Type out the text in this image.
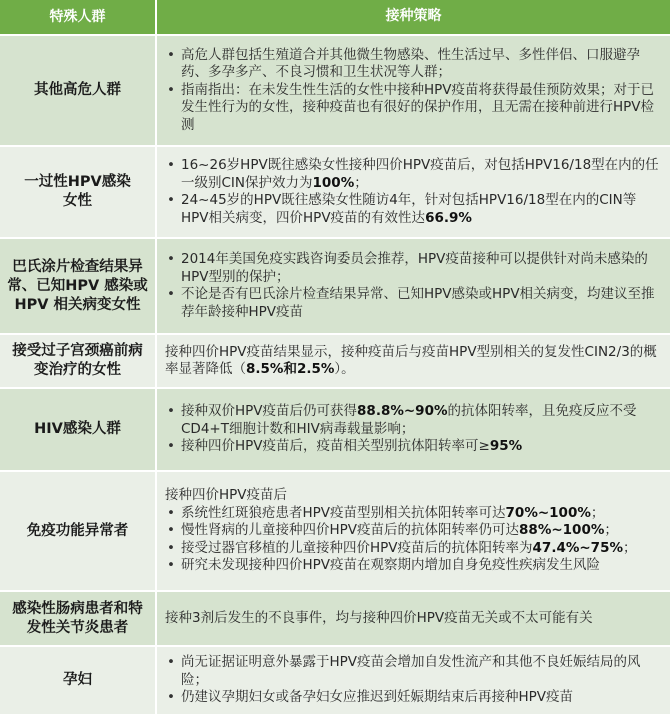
特殊人群	接种策略
其他高危人群
• 高危人群包括生殖道合并其他微生物感染、性生活过早、多性伴侣、口服避孕药、多孕多产、不良习惯和卫生状况等人群；
• 指南指出：在未发生性生活的女性中接种HPV疫苗将获得最佳预防效果；对于已发生性行为的女性，接种疫苗也有很好的保护作用，且无需在接种前进行HPV检测
一过性HPV感染女性
• 16~26岁HPV既往感染女性接种四价HPV疫苗后，对包括HPV16/18型在内的任一级别CIN保护效力为100%；
• 24~45岁的HPV既往感染女性随访4年，针对包括HPV16/18型在内的CIN等HPV相关病变，四价HPV疫苗的有效性达66.9%
巴氏涂片检查结果异常、已知HPV 感染或HPV 相关病变女性
• 2014年美国免疫实践咨询委员会推荐，HPV疫苗接种可以提供针对尚未感染的HPV型别的保护；
• 不论是否有巴氏涂片检查结果异常、已知HPV感染或HPV相关病变，均建议至推荐年龄接种HPV疫苗
接受过子宫颈癌前病变治疗的女性
接种四价HPV疫苗结果显示，接种疫苗后与疫苗HPV型别相关的复发性CIN2/3的概率显著降低（8.5%和2.5%）。
HIV感染人群
• 接种双价HPV疫苗后仍可获得88.8%~90%的抗体阳转率，且免疫反应不受CD4+T细胞计数和HIV病毒载量影响；
• 接种四价HPV疫苗后，疫苗相关型别抗体阳转率可≥95%
免疫功能异常者
接种四价HPV疫苗后
• 系统性红斑狼疮患者HPV疫苗型别相关抗体阳转率可达70%~100%；
• 慢性肾病的儿童接种四价HPV疫苗后的抗体阳转率仍可达88%~100%；
• 接受过器官移植的儿童接种四价HPV疫苗后的抗体阳转率为47.4%~75%；
• 研究未发现接种四价HPV疫苗在观察期内增加自身免疫性疾病发生风险
感染性肠病患者和特发性关节炎患者
接种3剂后发生的不良事件，均与接种四价HPV疫苗无关或不太可能有关
孕妇
• 尚无证据证明意外暴露于HPV疫苗会增加自发性流产和其他不良妊娠结局的风险；
• 仍建议孕期妇女或备孕妇女应推迟到妊娠期结束后再接种HPV疫苗
